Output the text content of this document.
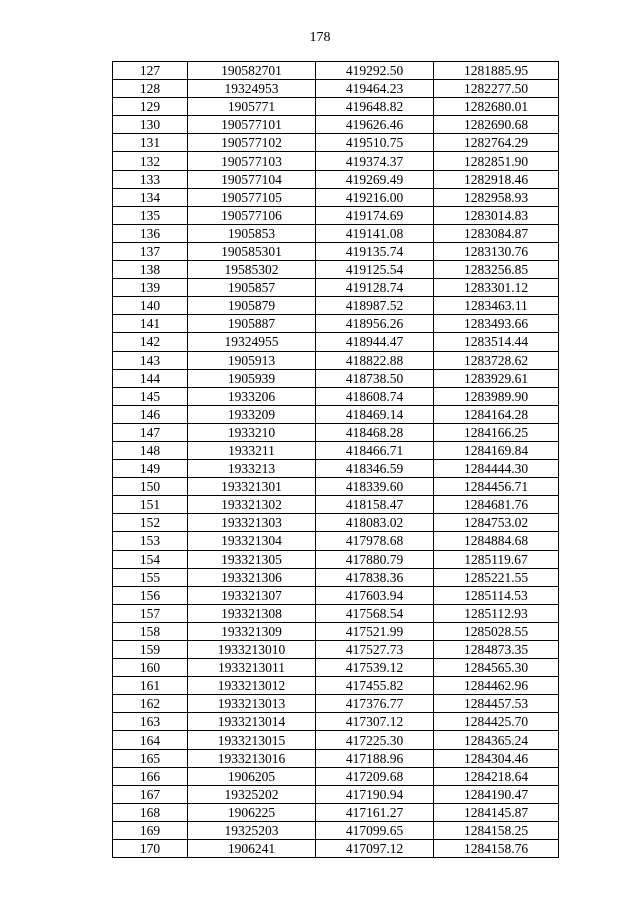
178
127	190582701	419292.50	1281885.95
128	19324953	419464.23	1282277.50
129	1905771	419648.82	1282680.01
130	190577101	419626.46	1282690.68
131	190577102	419510.75	1282764.29
132	190577103	419374.37	1282851.90
133	190577104	419269.49	1282918.46
134	190577105	419216.00	1282958.93
135	190577106	419174.69	1283014.83
136	1905853	419141.08	1283084.87
137	190585301	419135.74	1283130.76
138	19585302	419125.54	1283256.85
139	1905857	419128.74	1283301.12
140	1905879	418987.52	1283463.11
141	1905887	418956.26	1283493.66
142	19324955	418944.47	1283514.44
143	1905913	418822.88	1283728.62
144	1905939	418738.50	1283929.61
145	1933206	418608.74	1283989.90
146	1933209	418469.14	1284164.28
147	1933210	418468.28	1284166.25
148	1933211	418466.71	1284169.84
149	1933213	418346.59	1284444.30
150	193321301	418339.60	1284456.71
151	193321302	418158.47	1284681.76
152	193321303	418083.02	1284753.02
153	193321304	417978.68	1284884.68
154	193321305	417880.79	1285119.67
155	193321306	417838.36	1285221.55
156	193321307	417603.94	1285114.53
157	193321308	417568.54	1285112.93
158	193321309	417521.99	1285028.55
159	1933213010	417527.73	1284873.35
160	1933213011	417539.12	1284565.30
161	1933213012	417455.82	1284462.96
162	1933213013	417376.77	1284457.53
163	1933213014	417307.12	1284425.70
164	1933213015	417225.30	1284365.24
165	1933213016	417188.96	1284304.46
166	1906205	417209.68	1284218.64
167	19325202	417190.94	1284190.47
168	1906225	417161.27	1284145.87
169	19325203	417099.65	1284158.25
170	1906241	417097.12	1284158.76
